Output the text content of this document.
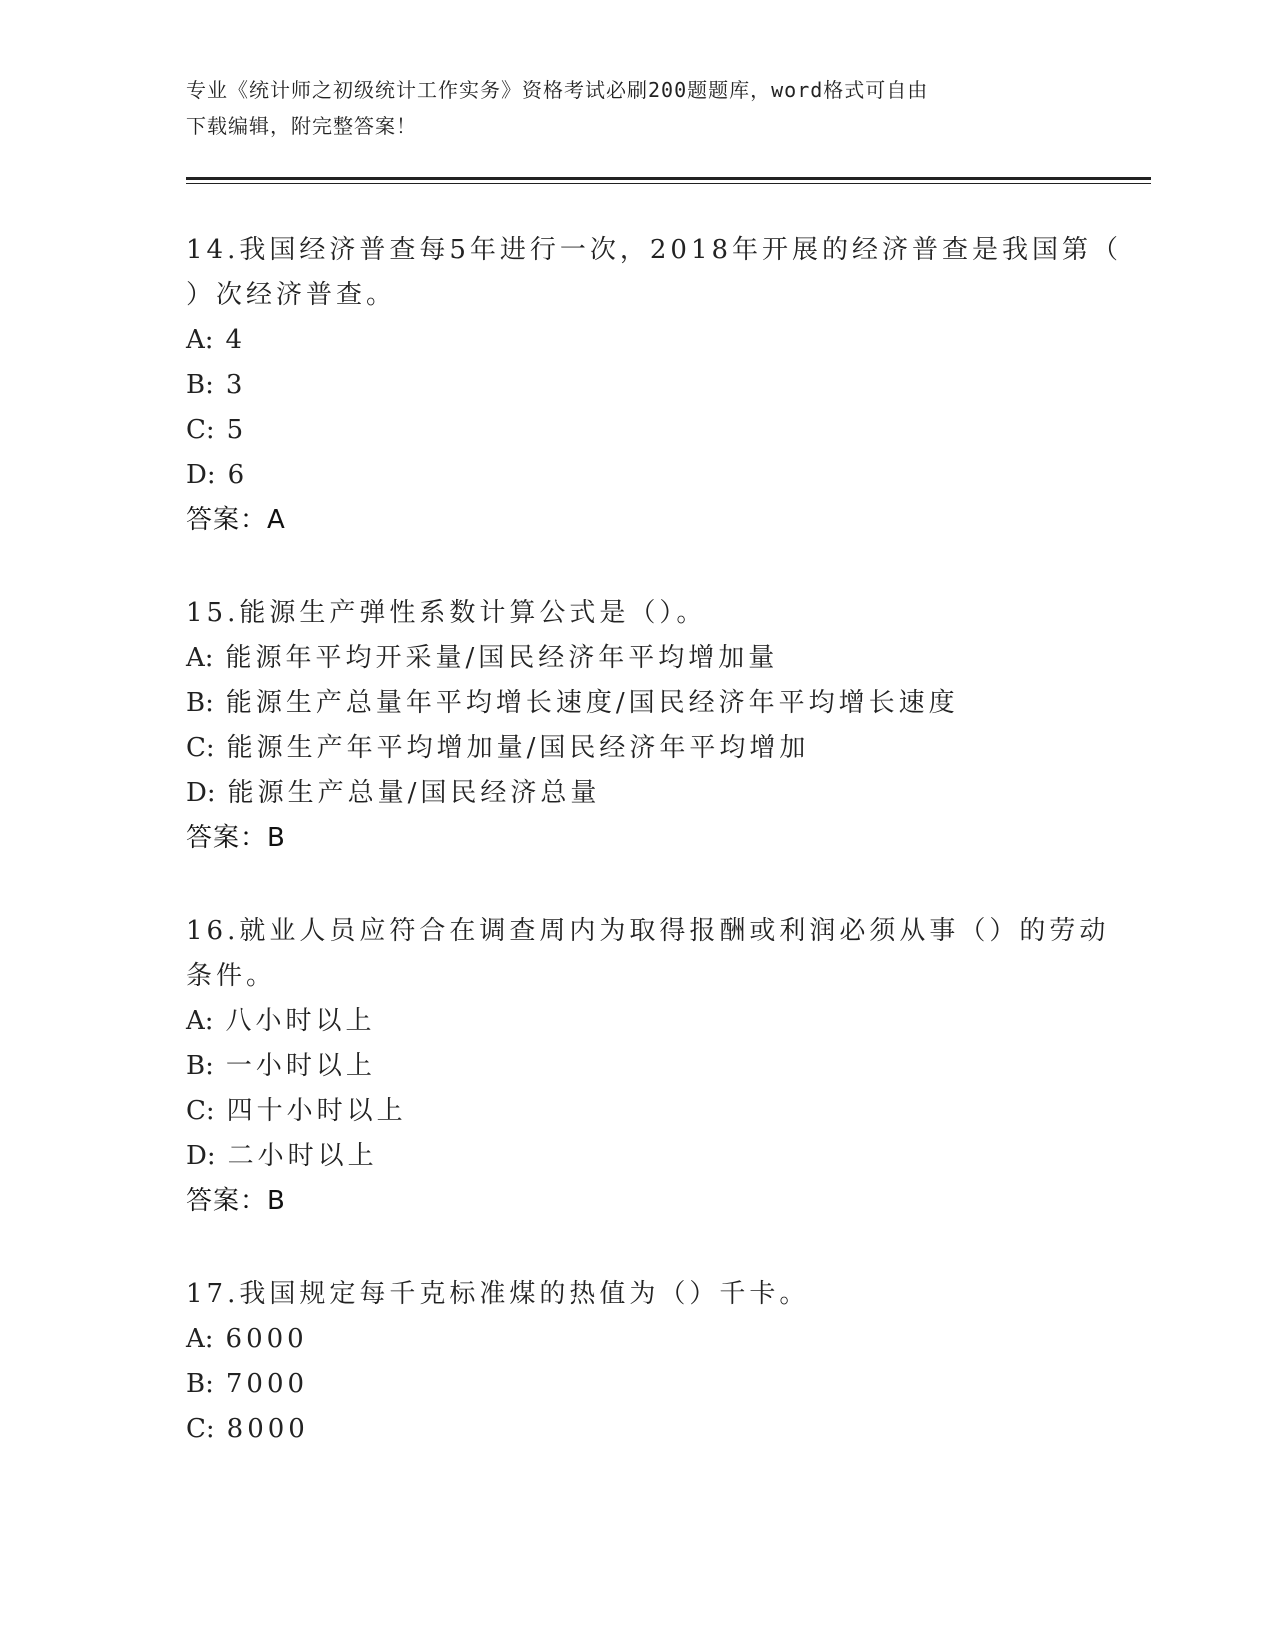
专业《统计师之初级统计工作实务》资格考试必刷200题题库，word格式可自由
下载编辑，附完整答案！
14.我国经济普查每5年进行一次，2018年开展的经济普查是我国第（
）次经济普查。
A: 4
B: 3
C: 5
D: 6
答案：A
15.能源生产弹性系数计算公式是（）。
A: 能源年平均开采量/国民经济年平均增加量
B: 能源生产总量年平均增长速度/国民经济年平均增长速度
C: 能源生产年平均增加量/国民经济年平均增加
D: 能源生产总量/国民经济总量
答案：B
16.就业人员应符合在调查周内为取得报酬或利润必须从事（）的劳动
条件。
A: 八小时以上
B: 一小时以上
C: 四十小时以上
D: 二小时以上
答案：B
17.我国规定每千克标准煤的热值为（）千卡。
A: 6000
B: 7000
C: 8000
